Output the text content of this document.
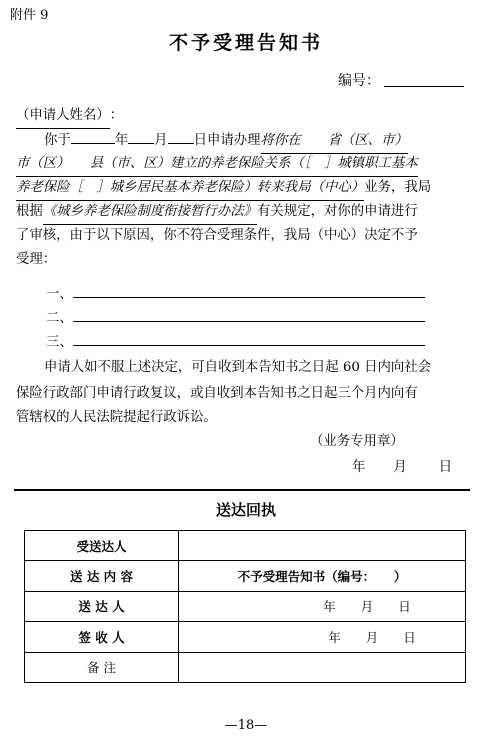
附件 9
不予受理告知书
编号：
（申请人姓名）：
你于	年 月 日申请办理将你在　　省（区、市）
市（区）　　县（市、区）建立的养老保险关系（［　］城镇职工基本
养老保险［　］城乡居民基本养老保险）转来我局（中心）业务，我局
根据《城乡养老保险制度衔接暂行办法》有关规定，对你的申请进行
了审核，由于以下原因，你不符合受理条件，我局（中心）决定不予
受理：
一、
二、
三、
申请人如不服上述决定，可自收到本告知书之日起 60 日内向社会
保险行政部门申请行政复议，或自收到本告知书之日起三个月内向有
管辖权的人民法院提起行政诉讼。
（业务专用章）
年 月 日
送达回执
受送达人	
送 达 内 容	不予受理告知书（编号：　　）
送 达 人	年　　月　　日
签 收 人	年　　月　　日
备 注	
—18—
